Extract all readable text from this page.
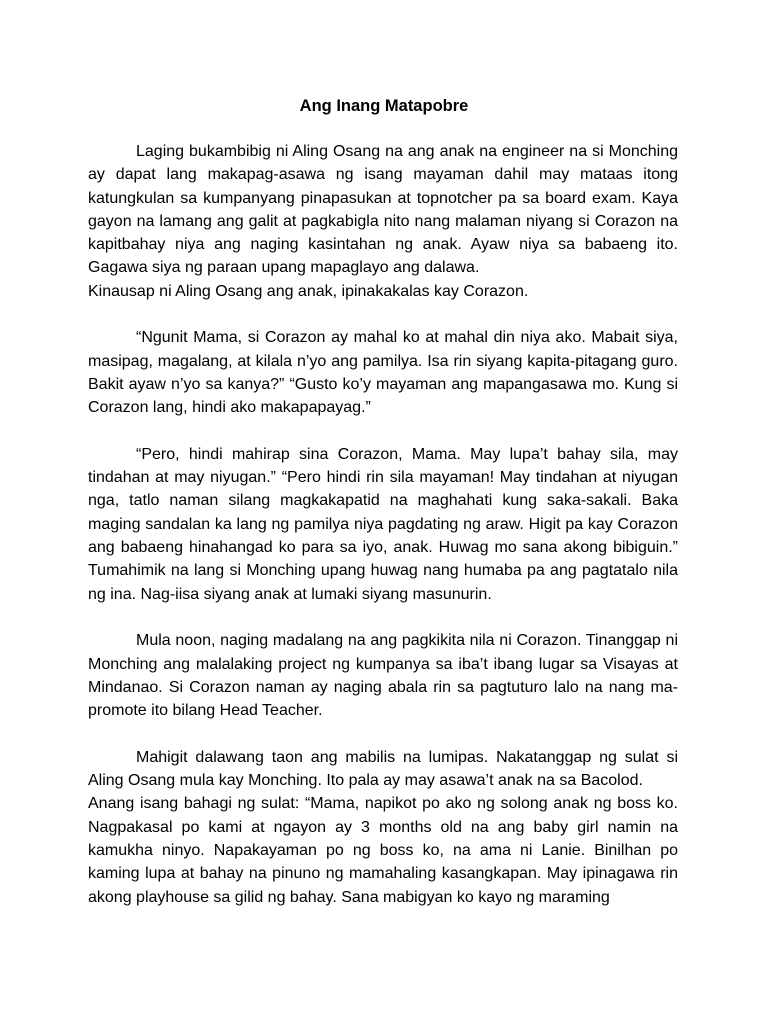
Ang Inang Matapobre

Laging bukambibig ni Aling Osang na ang anak na engineer na si Monching ay dapat lang makapag-asawa ng isang mayaman dahil may mataas itong katungkulan sa kumpanyang pinapasukan at topnotcher pa sa board exam. Kaya gayon na lamang ang galit at pagkabigla nito nang malaman niyang si Corazon na kapitbahay niya ang naging kasintahan ng anak. Ayaw niya sa babaeng ito. Gagawa siya ng paraan upang mapaglayo ang dalawa.

Kinausap ni Aling Osang ang anak, ipinakakalas kay Corazon.

“Ngunit Mama, si Corazon ay mahal ko at mahal din niya ako. Mabait siya, masipag, magalang, at kilala n’yo ang pamilya. Isa rin siyang kapita-pitagang guro. Bakit ayaw n’yo sa kanya?” “Gusto ko’y mayaman ang mapangasawa mo. Kung si Corazon lang, hindi ako makapapayag.”

“Pero, hindi mahirap sina Corazon, Mama. May lupa’t bahay sila, may tindahan at may niyugan.” “Pero hindi rin sila mayaman! May tindahan at niyugan nga, tatlo naman silang magkakapatid na maghahati kung saka-sakali. Baka maging sandalan ka lang ng pamilya niya pagdating ng araw. Higit pa kay Corazon ang babaeng hinahangad ko para sa iyo, anak. Huwag mo sana akong bibiguin.” Tumahimik na lang si Monching upang huwag nang humaba pa ang pagtatalo nila ng ina. Nag-iisa siyang anak at lumaki siyang masunurin.

Mula noon, naging madalang na ang pagkikita nila ni Corazon. Tinanggap ni Monching ang malalaking project ng kumpanya sa iba’t ibang lugar sa Visayas at Mindanao. Si Corazon naman ay naging abala rin sa pagtuturo lalo na nang ma-promote ito bilang Head Teacher.

Mahigit dalawang taon ang mabilis na lumipas. Nakatanggap ng sulat si Aling Osang mula kay Monching. Ito pala ay may asawa’t anak na sa Bacolod.

Anang isang bahagi ng sulat: “Mama, napikot po ako ng solong anak ng boss ko. Nagpakasal po kami at ngayon ay 3 months old na ang baby girl namin na kamukha ninyo. Napakayaman po ng boss ko, na ama ni Lanie. Binilhan po kaming lupa at bahay na pinuno ng mamahaling kasangkapan. May ipinagawa rin akong playhouse sa gilid ng bahay. Sana mabigyan ko kayo ng maraming
